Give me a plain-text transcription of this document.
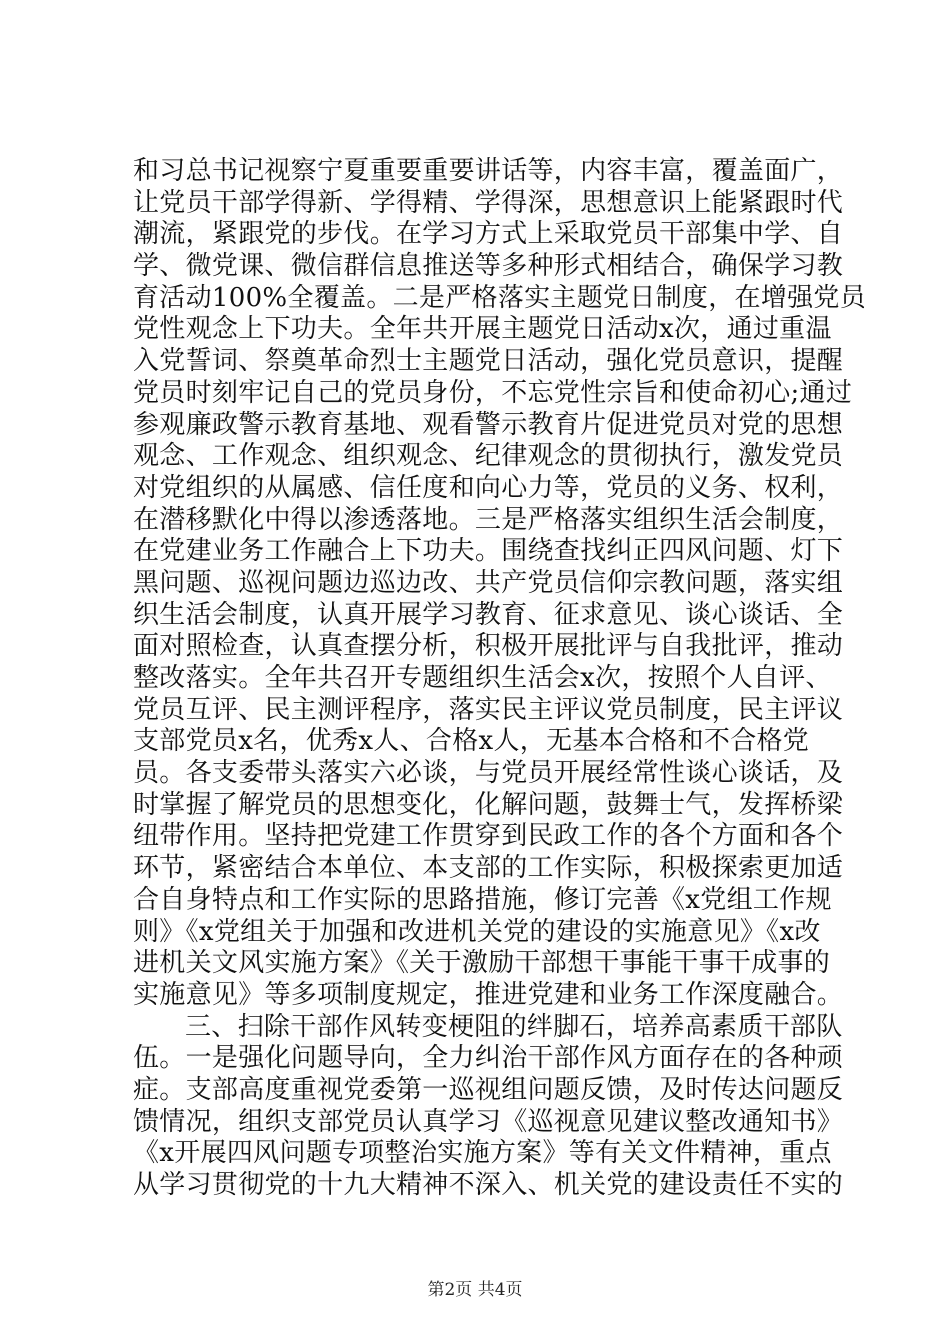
和习总书记视察宁夏重要重要讲话等，内容丰富，覆盖面广，
让党员干部学得新、学得精、学得深，思想意识上能紧跟时代
潮流，紧跟党的步伐。在学习方式上采取党员干部集中学、自
学、微党课、微信群信息推送等多种形式相结合，确保学习教
育活动100%全覆盖。二是严格落实主题党日制度，在增强党员
党性观念上下功夫。全年共开展主题党日活动x次，通过重温
入党誓词、祭奠革命烈士主题党日活动，强化党员意识，提醒
党员时刻牢记自己的党员身份，不忘党性宗旨和使命初心;通过
参观廉政警示教育基地、观看警示教育片促进党员对党的思想
观念、工作观念、组织观念、纪律观念的贯彻执行，激发党员
对党组织的从属感、信任度和向心力等，党员的义务、权利，
在潜移默化中得以渗透落地。三是严格落实组织生活会制度，
在党建业务工作融合上下功夫。围绕查找纠正四风问题、灯下
黑问题、巡视问题边巡边改、共产党员信仰宗教问题，落实组
织生活会制度，认真开展学习教育、征求意见、谈心谈话、全
面对照检查，认真查摆分析，积极开展批评与自我批评，推动
整改落实。全年共召开专题组织生活会x次，按照个人自评、
党员互评、民主测评程序，落实民主评议党员制度，民主评议
支部党员x名，优秀x人、合格x人，无基本合格和不合格党
员。各支委带头落实六必谈，与党员开展经常性谈心谈话，及
时掌握了解党员的思想变化，化解问题，鼓舞士气，发挥桥梁
纽带作用。坚持把党建工作贯穿到民政工作的各个方面和各个
环节，紧密结合本单位、本支部的工作实际，积极探索更加适
合自身特点和工作实际的思路措施，修订完善《x党组工作规
则》《x党组关于加强和改进机关党的建设的实施意见》《x改
进机关文风实施方案》《关于激励干部想干事能干事干成事的
实施意见》等多项制度规定，推进党建和业务工作深度融合。
三、扫除干部作风转变梗阻的绊脚石，培养高素质干部队
伍。一是强化问题导向，全力纠治干部作风方面存在的各种顽
症。支部高度重视党委第一巡视组问题反馈，及时传达问题反
馈情况，组织支部党员认真学习《巡视意见建议整改通知书》
《x开展四风问题专项整治实施方案》等有关文件精神，重点
从学习贯彻党的十九大精神不深入、机关党的建设责任不实的
第2页 共4页
